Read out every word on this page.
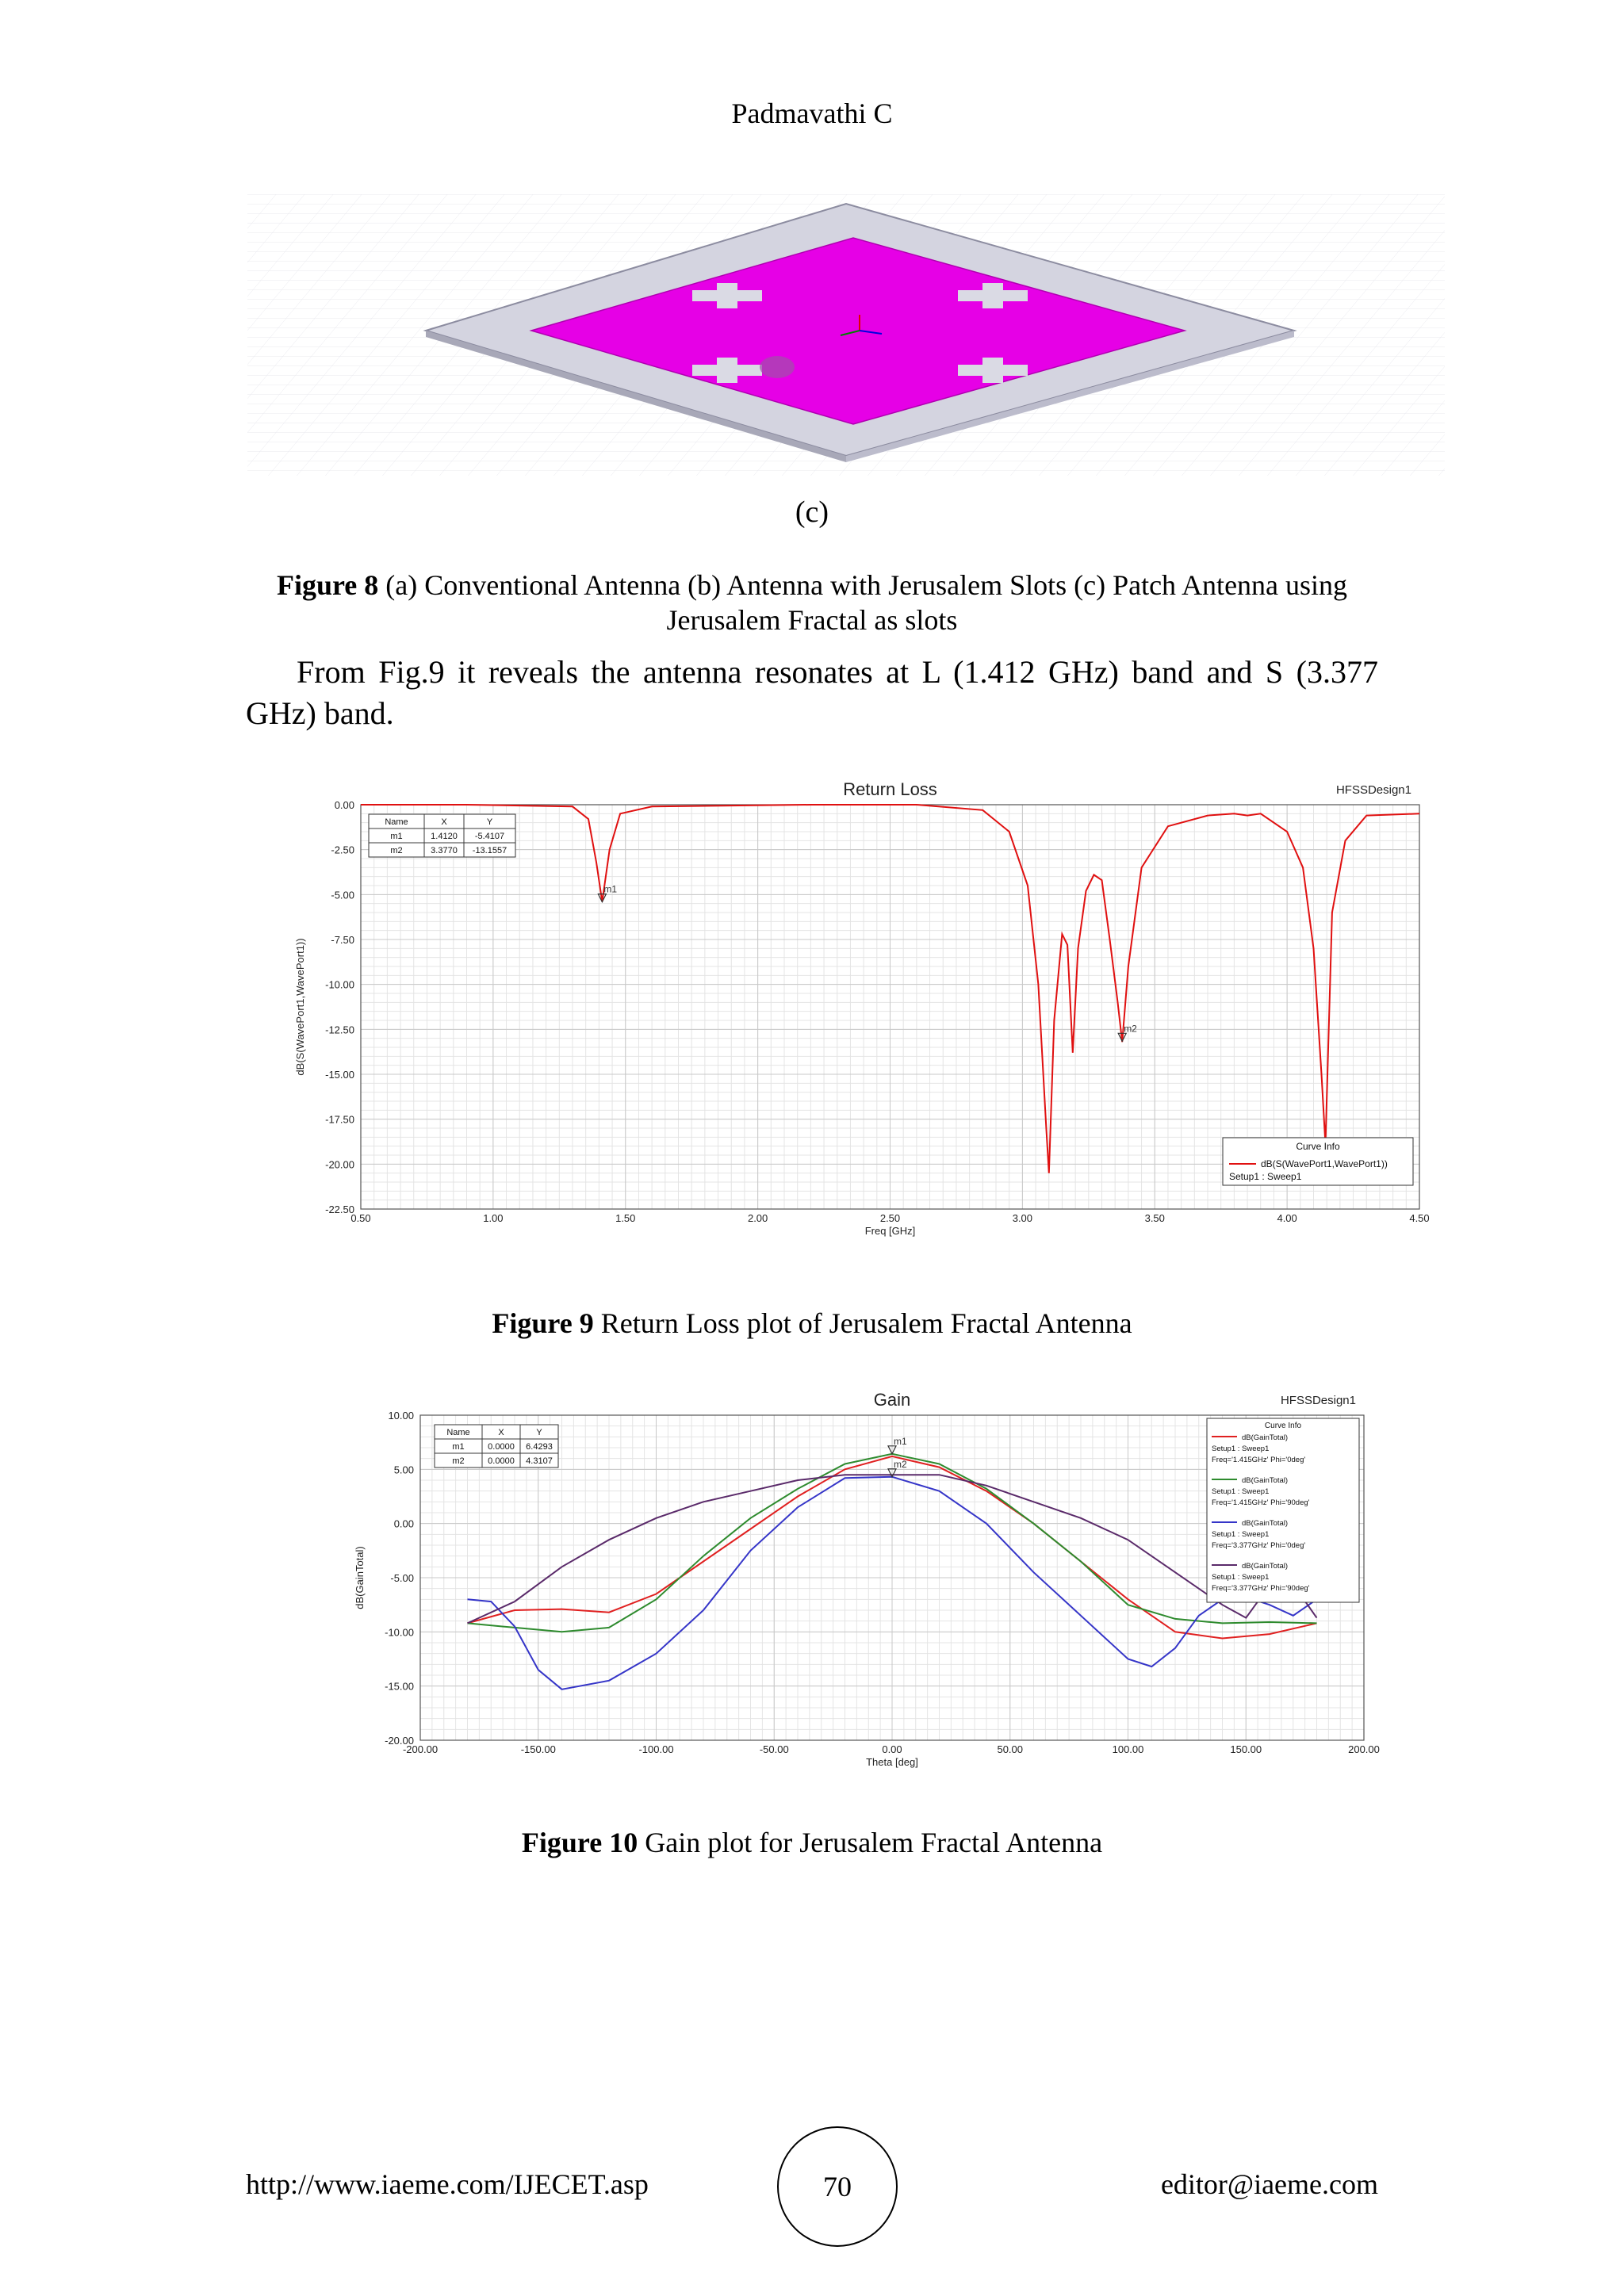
Padmavathi C
(c)
Figure 8 (a) Conventional Antenna (b) Antenna with Jerusalem Slots (c) Patch Antenna using Jerusalem Fractal as slots
From Fig.9 it reveals the antenna resonates at L (1.412 GHz) band and S (3.377 GHz) band.
Return Loss	HFSSDesign1
0.50	1.00	1.50	2.00	2.50	3.00	3.50	4.00	4.50
0.00
-2.50
-5.00
-7.50
-10.00
-12.50
-15.00
-17.50
-20.00
-22.50
Freq [GHz]
dB(S(WavePort1,WavePort1))
m1
m2
Name	X	Y
m1	1.4120 -5.4107
m2	3.3770 -13.1557
Curve Info
dB(S(WavePort1,WavePort1))
Setup1 : Sweep1
Figure 9 Return Loss plot of Jerusalem Fractal Antenna
Gain	HFSSDesign1
-200.00	-150.00	-100.00	-50.00	0.00	50.00	100.00	150.00	200.00
10.00
5.00
0.00
-5.00
-10.00
-15.00
-20.00
Theta [deg]
dB(GainTotal)
m1
m2
Name	X	Y
m1	0.0000 6.4293
m2	0.0000 4.3107
Curve Info
dB(GainTotal)
Setup1 : Sweep1
Freq='1.415GHz' Phi='0deg'
dB(GainTotal)
Setup1 : Sweep1
Freq='1.415GHz' Phi='90deg'
dB(GainTotal)
Setup1 : Sweep1
Freq='3.377GHz' Phi='0deg'
dB(GainTotal)
Setup1 : Sweep1
Freq='3.377GHz' Phi='90deg'
Figure 10 Gain plot for Jerusalem Fractal Antenna
http://www.iaeme.com/IJECET.asp	70	editor@iaeme.com
